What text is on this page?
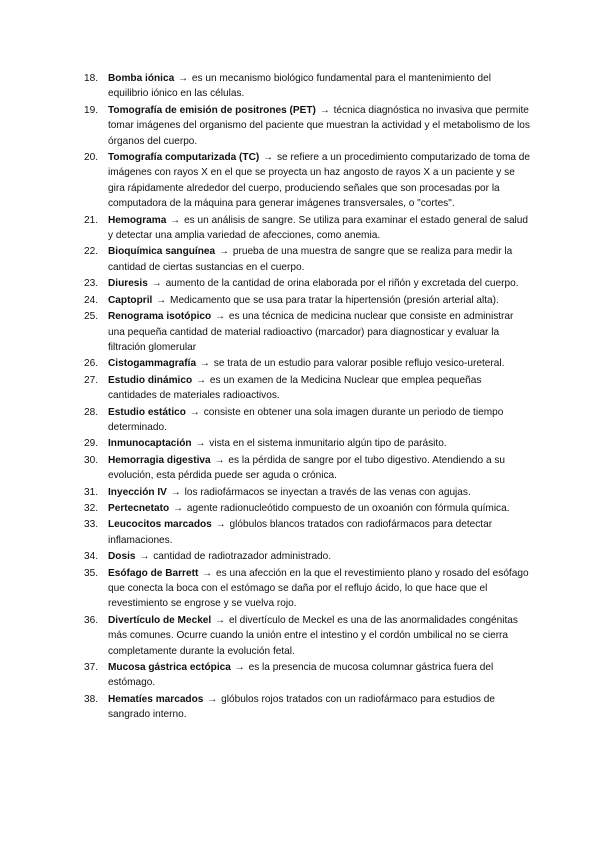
18. Bomba iónica → es un mecanismo biológico fundamental para el mantenimiento del equilibrio iónico en las células.
19. Tomografía de emisión de positrones (PET) → técnica diagnóstica no invasiva que permite tomar imágenes del organismo del paciente que muestran la actividad y el metabolismo de los órganos del cuerpo.
20. Tomografía computarizada (TC) → se refiere a un procedimiento computarizado de toma de imágenes con rayos X en el que se proyecta un haz angosto de rayos X a un paciente y se gira rápidamente alrededor del cuerpo, produciendo señales que son procesadas por la computadora de la máquina para generar imágenes transversales, o "cortes".
21. Hemograma → es un análisis de sangre. Se utiliza para examinar el estado general de salud y detectar una amplia variedad de afecciones, como anemia.
22. Bioquímica sanguínea → prueba de una muestra de sangre que se realiza para medir la cantidad de ciertas sustancias en el cuerpo.
23. Diuresis → aumento de la cantidad de orina elaborada por el riñón y excretada del cuerpo.
24. Captopril → Medicamento que se usa para tratar la hipertensión (presión arterial alta).
25. Renograma isotópico → es una técnica de medicina nuclear que consiste en administrar una pequeña cantidad de material radioactivo (marcador) para diagnosticar y evaluar la filtración glomerular
26. Cistogammagrafía → se trata de un estudio para valorar posible reflujo vesico-ureteral.
27. Estudio dinámico → es un examen de la Medicina Nuclear que emplea pequeñas cantidades de materiales radioactivos.
28. Estudio estático → consiste en obtener una sola imagen durante un periodo de tiempo determinado.
29. Inmunocaptación → vista en el sistema inmunitario algún tipo de parásito.
30. Hemorragia digestiva → es la pérdida de sangre por el tubo digestivo. Atendiendo a su evolución, esta pérdida puede ser aguda o crónica.
31. Inyección IV → los radiofármacos se inyectan a través de las venas con agujas.
32. Pertecnetato → agente radionucleótido compuesto de un oxoanión con fórmula química.
33. Leucocitos marcados → glóbulos blancos tratados con radiofármacos para detectar inflamaciones.
34. Dosis → cantidad de radiotrazador administrado.
35. Esófago de Barrett → es una afección en la que el revestimiento plano y rosado del esófago que conecta la boca con el estómago se daña por el reflujo ácido, lo que hace que el revestimiento se engrose y se vuelva rojo.
36. Divertículo de Meckel → el divertículo de Meckel es una de las anormalidades congénitas más comunes. Ocurre cuando la unión entre el intestino y el cordón umbilical no se cierra completamente durante la evolución fetal.
37. Mucosa gástrica ectópica → es la presencia de mucosa columnar gástrica fuera del estómago.
38. Hematíes marcados → glóbulos rojos tratados con un radiofármaco para estudios de sangrado interno.
